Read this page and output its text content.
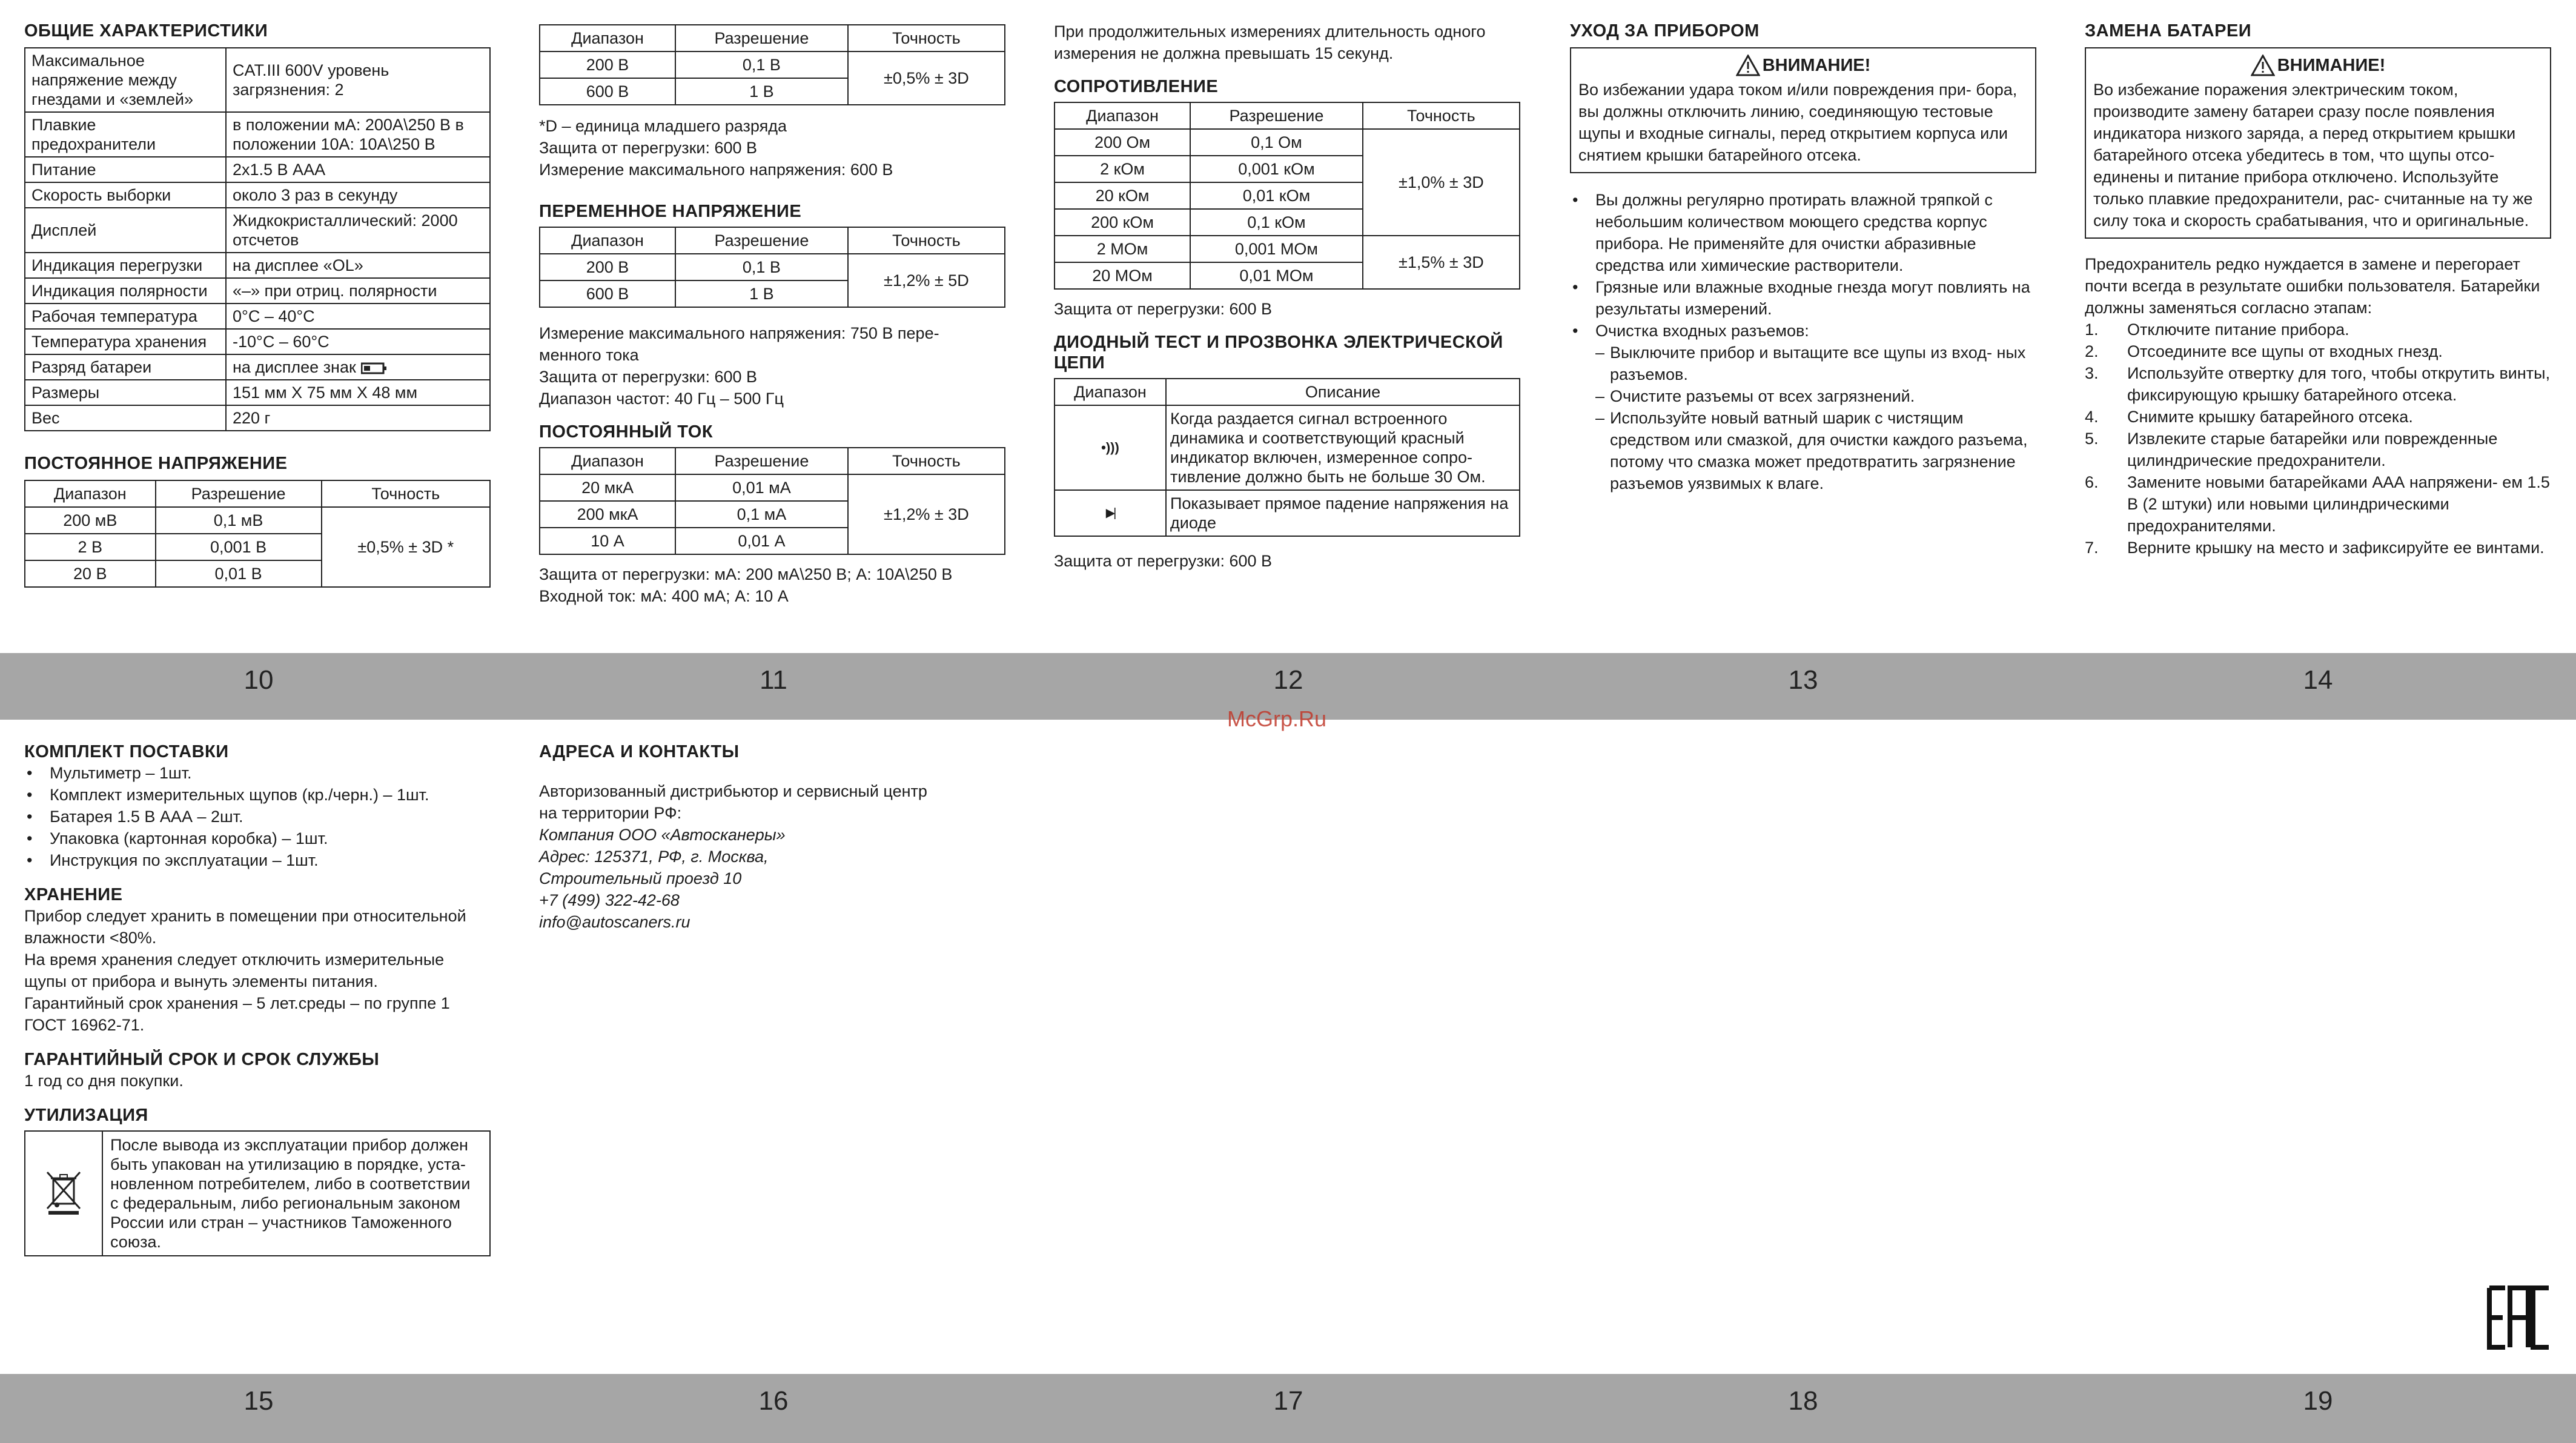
ОБЩИЕ ХАРАКТЕРИСТИКИ
Максимальное напряжение между гнездами и «землей»	CAT.III 600V уровень загрязнения: 2
Плавкие предохранители	в положении мА: 200А\250 В в положении 10А: 10А\250 В
Питание	2х1.5 В ААА
Скорость выборки	около 3 раз в секунду
Дисплей	Жидкокристаллический: 2000 отсчетов
Индикация перегрузки	на дисплее «OL»
Индикация полярности	«–» при отриц. полярности
Рабочая температура	0°С – 40°С
Температура хранения	-10°С – 60°С
Разряд батареи	на дисплее знак
Размеры	151 мм Х 75 мм Х 48 мм
Вес	220 г
ПОСТОЯННОЕ НАПРЯЖЕНИЕ
Диапазон	Разрешение	Точность
200 мВ	0,1 мВ	±0,5% ± 3D *
2 В	0,001 В	
20 В	0,01 В	
Диапазон	Разрешение	Точность
200 В	0,1 В	±0,5% ± 3D
600 В	1 В	

*D – единица младшего разряда

Защита от перегрузки: 600 В

Измерение максимального напряжения: 600 В

ПЕРЕМЕННОЕ НАПРЯЖЕНИЕ
Диапазон	Разрешение	Точность
200 В	0,1 В	±1,2% ± 5D
600 В	1 В	

Измерение максимального напряжения: 750 В пере-

менного тока

Защита от перегрузки: 600 В

Диапазон частот: 40 Гц – 500 Гц

ПОСТОЯННЫЙ ТОК
Диапазон	Разрешение	Точность
20 мкА	0,01 мА	±1,2% ± 3D
200 мкА	0,1 мА	
10 А	0,01 А	

Защита от перегрузки: мА: 200 мА\250 В; А: 10А\250 В

Входной ток: мА: 400 мА; А: 10 А

При продолжительных измерениях длительность одного

измерения не должна превышать 15 секунд.

СОПРОТИВЛЕНИЕ
Диапазон	Разрешение	Точность
200 Ом	0,1 Ом	±1,0% ± 3D
2 кОм	0,001 кОм	
20 кОм	0,01 кОм	
200 кОм	0,1 кОм	
2 МОм	0,001 МОм	±1,5% ± 3D
20 МОм	0,01 МОм	

Защита от перегрузки: 600 В

ДИОДНЫЙ ТЕСТ И ПРОЗВОНКА ЭЛЕКТРИЧЕСКОЙ ЦЕПИ
Диапазон	Описание
•)))	Когда раздается сигнал встроенного динамика и соответствующий красный индикатор включен, измеренное сопро- тивление должно быть не больше 30 Ом.
▶|	Показывает прямое падение напряжения на диоде

Защита от перегрузки: 600 В

УХОД ЗА ПРИБОРОМ
ВНИМАНИЕ!

Во избежании удара током и/или повреждения при- бора, вы должны отключить линию, соединяющую тестовые щупы и входные сигналы, перед открытием корпуса или снятием крышки батарейного отсека.

• Вы должны регулярно протирать влажной тряпкой с небольшим количеством моющего средства корпус прибора. Не применяйте для очистки абразивные средства или химические растворители.
• Грязные или влажные входные гнезда могут повлиять на результаты измерений.
• Очистка входных разъемов:
– Выключите прибор и вытащите все щупы из вход- ных разъемов.
– Очистите разъемы от всех загрязнений.
– Используйте новый ватный шарик с чистящим средством или смазкой, для очистки каждого разъема, потому что смазка может предотвратить загрязнение разъемов уязвимых к влаге.
ЗАМЕНА БАТАРЕИ
ВНИМАНИЕ!

Во избежание поражения электрическим током, производите замену батареи сразу после появления индикатора низкого заряда, а перед открытием крышки батарейного отсека убедитесь в том, что щупы отсо- единены и питание прибора отключено. Используйте только плавкие предохранители, рас- считанные на ту же силу тока и скорость срабатывания, что и оригинальные.

Предохранитель редко нуждается в замене и перегорает почти всегда в результате ошибки пользователя. Батарейки должны заменяться согласно этапам:

1. Отключите питание прибора.
2. Отсоедините все щупы от входных гнезд.
3. Используйте отвертку для того, чтобы открутить винты, фиксирующую крышку батарейного отсека.
4. Снимите крышку батарейного отсека.
5. Извлеките старые батарейки или поврежденные цилиндрические предохранители.
6. Замените новыми батарейками ААА напряжени- ем 1.5 В (2 штуки) или новыми цилиндрическими предохранителями.
7. Верните крышку на место и зафиксируйте ее винтами.
10	11	12	13	14
McGrp.Ru
КОМПЛЕКТ ПОСТАВКИ
• Мультиметр – 1шт.
• Комплект измерительных щупов (кр./черн.) – 1шт.
• Батарея 1.5 В ААА – 2шт.
• Упаковка (картонная коробка) – 1шт.
• Инструкция по эксплуатации – 1шт.
ХРАНЕНИЕ

Прибор следует хранить в помещении при относительной

влажности <80%.

На время хранения следует отключить измерительные

щупы от прибора и вынуть элементы питания.

Гарантийный срок хранения – 5 лет.среды – по группе 1

ГОСТ 16962-71.

ГАРАНТИЙНЫЙ СРОК И СРОК СЛУЖБЫ

1 год со дня покупки.

УТИЛИЗАЦИЯ
	После вывода из эксплуатации прибор должен быть упакован на утилизацию в порядке, уста- новленном потребителем, либо в соответствии с федеральным, либо региональным законом России или стран – участников Таможенного союза.
АДРЕСА И КОНТАКТЫ

Авторизованный дистрибьютор и сервисный центр

на территории РФ:

Компания ООО «Автосканеры»

Адрес: 125371, РФ, г. Москва,

Строительный проезд 10

+7 (499) 322-42-68

info@autoscaners.ru

15	16	17	18	19
